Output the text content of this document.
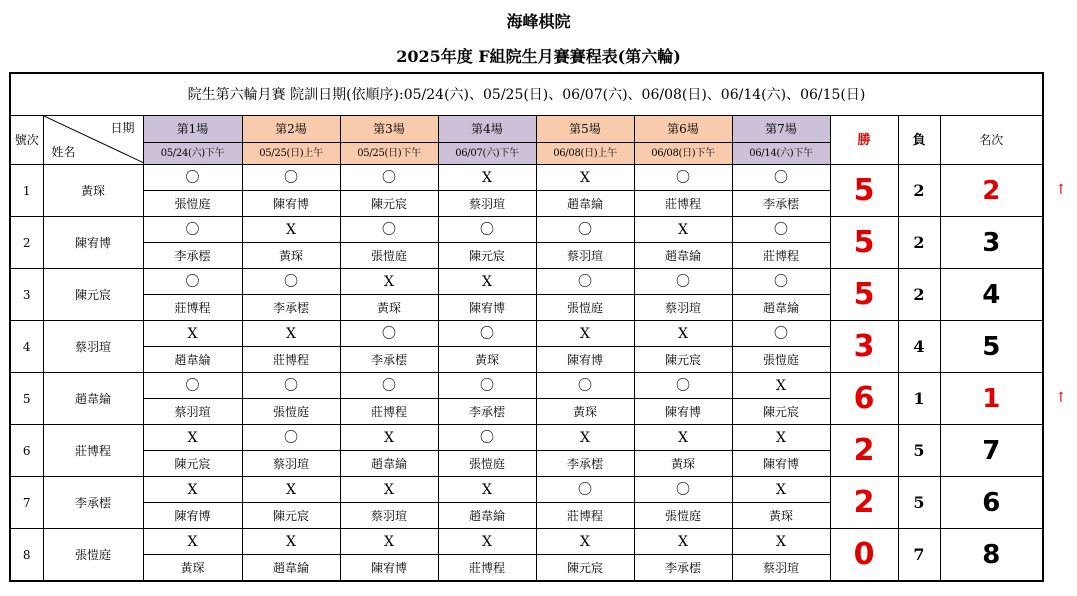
海峰棋院
2025年度 F組院生月賽賽程表(第六輪)
院生第六輪月賽 院訓日期(依順序):05/24(六)、05/25(日)、06/07(六)、06/08(日)、06/14(六)、06/15(日)											
號次	日期
姓名	第1場	第2場	第3場	第4場	第5場	第6場	第7場	勝	負	名次
		05/24(六)下午	05/25(日)上午	05/25(日)下午	06/07(六)下午	06/08(日)上午	06/08(日)下午	06/14(六)下午			
1	黃琛	〇	〇	〇	X	X	〇	〇	5	2	2
		張愷庭	陳宥博	陳元宸	蔡羽瑄	趙韋綸	莊博程	李承橒			
2	陳宥博	〇	X	〇	〇	〇	X	〇	5	2	3
		李承橒	黃琛	張愷庭	陳元宸	蔡羽瑄	趙韋綸	莊博程			
3	陳元宸	〇	〇	X	X	〇	〇	〇	5	2	4
		莊博程	李承橒	黃琛	陳宥博	張愷庭	蔡羽瑄	趙韋綸			
4	蔡羽瑄	X	X	〇	〇	X	X	〇	3	4	5
		趙韋綸	莊博程	李承橒	黃琛	陳宥博	陳元宸	張愷庭			
5	趙韋綸	〇	〇	〇	〇	〇	〇	X	6	1	1
		蔡羽瑄	張愷庭	莊博程	李承橒	黃琛	陳宥博	陳元宸			
6	莊博程	X	〇	X	〇	X	X	X	2	5	7
		陳元宸	蔡羽瑄	趙韋綸	張愷庭	李承橒	黃琛	陳宥博			
7	李承橒	X	X	X	X	〇	〇	X	2	5	6
		陳宥博	陳元宸	蔡羽瑄	趙韋綸	莊博程	張愷庭	黃琛			
8	張愷庭	X	X	X	X	X	X	X	0	7	8
		黃琛	趙韋綸	陳宥博	莊博程	陳元宸	李承橒	蔡羽瑄			
↑
↑
